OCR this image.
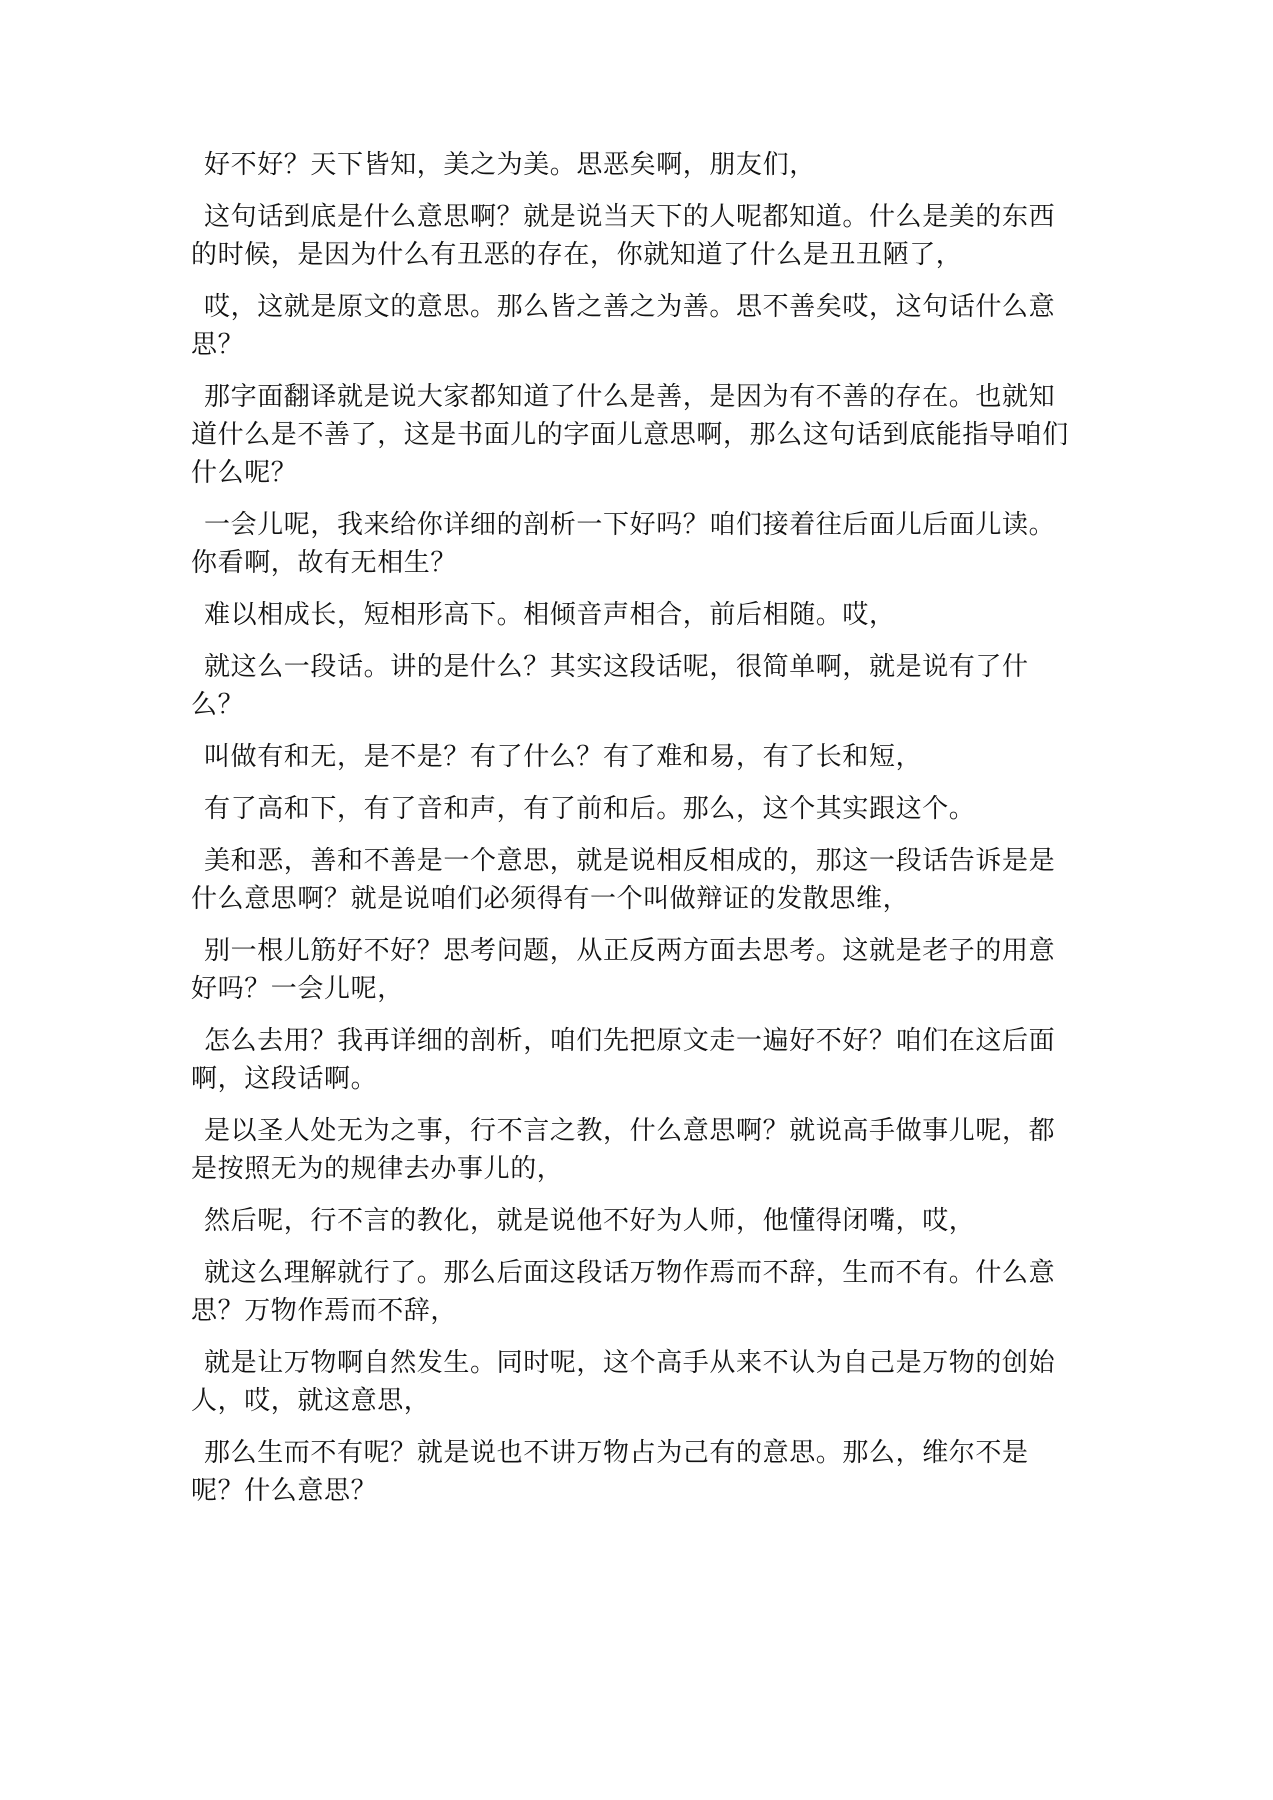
好不好？天下皆知，美之为美。思恶矣啊，朋友们，

这句话到底是什么意思啊？就是说当天下的人呢都知道。什么是美的东西的时候，是因为什么有丑恶的存在，你就知道了什么是丑丑陋了，

哎，这就是原文的意思。那么皆之善之为善。思不善矣哎，这句话什么意思？

那字面翻译就是说大家都知道了什么是善，是因为有不善的存在。也就知道什么是不善了，这是书面儿的字面儿意思啊，那么这句话到底能指导咱们什么呢？

一会儿呢，我来给你详细的剖析一下好吗？咱们接着往后面儿后面儿读。你看啊，故有无相生？

难以相成长，短相形高下。相倾音声相合，前后相随。哎，

就这么一段话。讲的是什么？其实这段话呢，很简单啊，就是说有了什么？

叫做有和无，是不是？有了什么？有了难和易，有了长和短，

有了高和下，有了音和声，有了前和后。那么，这个其实跟这个。

美和恶，善和不善是一个意思，就是说相反相成的，那这一段话告诉是是什么意思啊？就是说咱们必须得有一个叫做辩证的发散思维，

别一根儿筋好不好？思考问题，从正反两方面去思考。这就是老子的用意好吗？一会儿呢，

怎么去用？我再详细的剖析，咱们先把原文走一遍好不好？咱们在这后面啊，这段话啊。

是以圣人处无为之事，行不言之教，什么意思啊？就说高手做事儿呢，都是按照无为的规律去办事儿的，

然后呢，行不言的教化，就是说他不好为人师，他懂得闭嘴，哎，

就这么理解就行了。那么后面这段话万物作焉而不辞，生而不有。什么意思？万物作焉而不辞，

就是让万物啊自然发生。同时呢，这个高手从来不认为自己是万物的创始人，哎，就这意思，

那么生而不有呢？就是说也不讲万物占为己有的意思。那么，维尔不是呢？什么意思？
